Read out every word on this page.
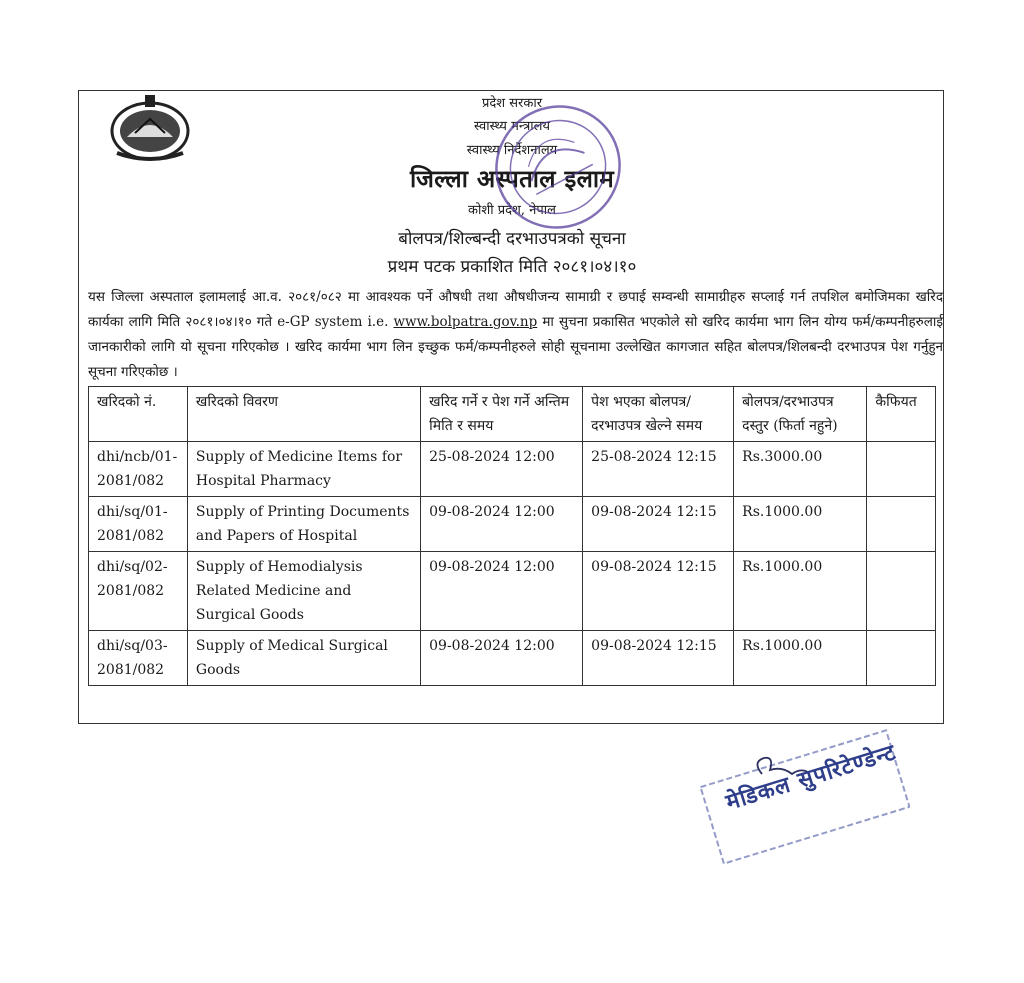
प्रदेश सरकार
स्वास्थ्य मन्त्रालय
स्वास्थ्य निर्देशनालय
जिल्ला अस्पताल इलाम
कोशी प्रदेश, नेपाल
बोलपत्र/शिल्बन्दी दरभाउपत्रको सूचना
प्रथम पटक प्रकाशित मिति २०८१।०४।१०
यस जिल्ला अस्पताल इलामलाई आ.व. २०८१/०८२ मा आवश्यक पर्ने औषधी तथा औषधीजन्य सामाग्री र छपाई सम्वन्धी सामाग्रीहरु सप्लाई गर्न तपशिल बमोजिमका खरिद कार्यका लागि मिति २०८१।०४।१० गते e-GP system i.e. www.bolpatra.gov.np मा सुचना प्रकासित भएकोले सो खरिद कार्यमा भाग लिन योग्य फर्म/कम्पनीहरुलाई जानकारीको लागि यो सूचना गरिएकोछ । खरिद कार्यमा भाग लिन इच्छुक फर्म/कम्पनीहरुले सोही सूचनामा उल्लेखित कागजात सहित बोलपत्र/शिलबन्दी दरभाउपत्र पेश गर्नुहुन सूचना गरिएकोछ ।
खरिदको नं.	खरिदको विवरण	खरिद गर्ने र पेश गर्ने अन्तिम मिति र समय	पेश भएका बोलपत्र/ दरभाउपत्र खेल्ने समय	बोलपत्र/दरभाउपत्र दस्तुर (फिर्ता नहुने)	कैफियत
dhi/ncb/01-2081/082	Supply of Medicine Items for Hospital Pharmacy	25-08-2024 12:00	25-08-2024 12:15	Rs.3000.00	
dhi/sq/01-2081/082	Supply of Printing Documents and Papers of Hospital	09-08-2024 12:00	09-08-2024 12:15	Rs.1000.00	
dhi/sq/02-2081/082	Supply of Hemodialysis Related Medicine and Surgical Goods	09-08-2024 12:00	09-08-2024 12:15	Rs.1000.00	
dhi/sq/03-2081/082	Supply of Medical Surgical Goods	09-08-2024 12:00	09-08-2024 12:15	Rs.1000.00	
मेडिकल सुपरिटेण्डेन्ट
